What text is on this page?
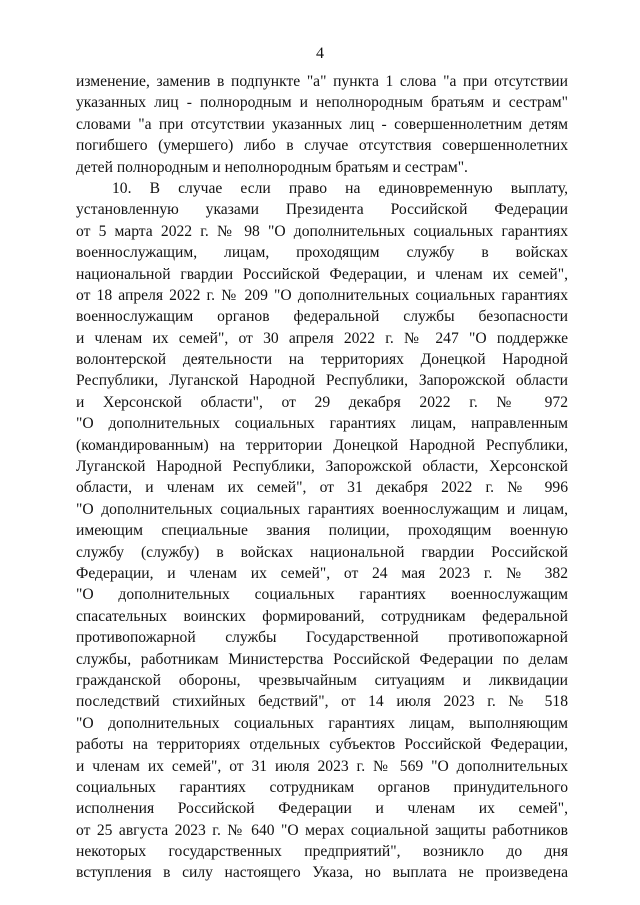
4
изменение, заменив в подпункте "а" пункта 1 слова "а при отсутствии
указанных лиц - полнородным и неполнородным братьям и сестрам"
словами "а при отсутствии указанных лиц - совершеннолетним детям
погибшего (умершего) либо в случае отсутствия совершеннолетних
детей полнородным и неполнородным братьям и сестрам".
10. В случае если право на единовременную выплату,
установленную указами Президента Российской Федерации
от 5 марта 2022 г. № 98 "О дополнительных социальных гарантиях
военнослужащим, лицам, проходящим службу в войсках
национальной гвардии Российской Федерации, и членам их семей",
от 18 апреля 2022 г. № 209 "О дополнительных социальных гарантиях
военнослужащим органов федеральной службы безопасности
и членам их семей", от 30 апреля 2022 г. № 247 "О поддержке
волонтерской деятельности на территориях Донецкой Народной
Республики, Луганской Народной Республики, Запорожской области
и Херсонской области", от 29 декабря 2022 г. № 972
"О дополнительных социальных гарантиях лицам, направленным
(командированным) на территории Донецкой Народной Республики,
Луганской Народной Республики, Запорожской области, Херсонской
области, и членам их семей", от 31 декабря 2022 г. № 996
"О дополнительных социальных гарантиях военнослужащим и лицам,
имеющим специальные звания полиции, проходящим военную
службу (службу) в войсках национальной гвардии Российской
Федерации, и членам их семей", от 24 мая 2023 г. № 382
"О дополнительных социальных гарантиях военнослужащим
спасательных воинских формирований, сотрудникам федеральной
противопожарной службы Государственной противопожарной
службы, работникам Министерства Российской Федерации по делам
гражданской обороны, чрезвычайным ситуациям и ликвидации
последствий стихийных бедствий", от 14 июля 2023 г. № 518
"О дополнительных социальных гарантиях лицам, выполняющим
работы на территориях отдельных субъектов Российской Федерации,
и членам их семей", от 31 июля 2023 г. № 569 "О дополнительных
социальных гарантиях сотрудникам органов принудительного
исполнения Российской Федерации и членам их семей",
от 25 августа 2023 г. № 640 "О мерах социальной защиты работников
некоторых государственных предприятий", возникло до дня
вступления в силу настоящего Указа, но выплата не произведена
